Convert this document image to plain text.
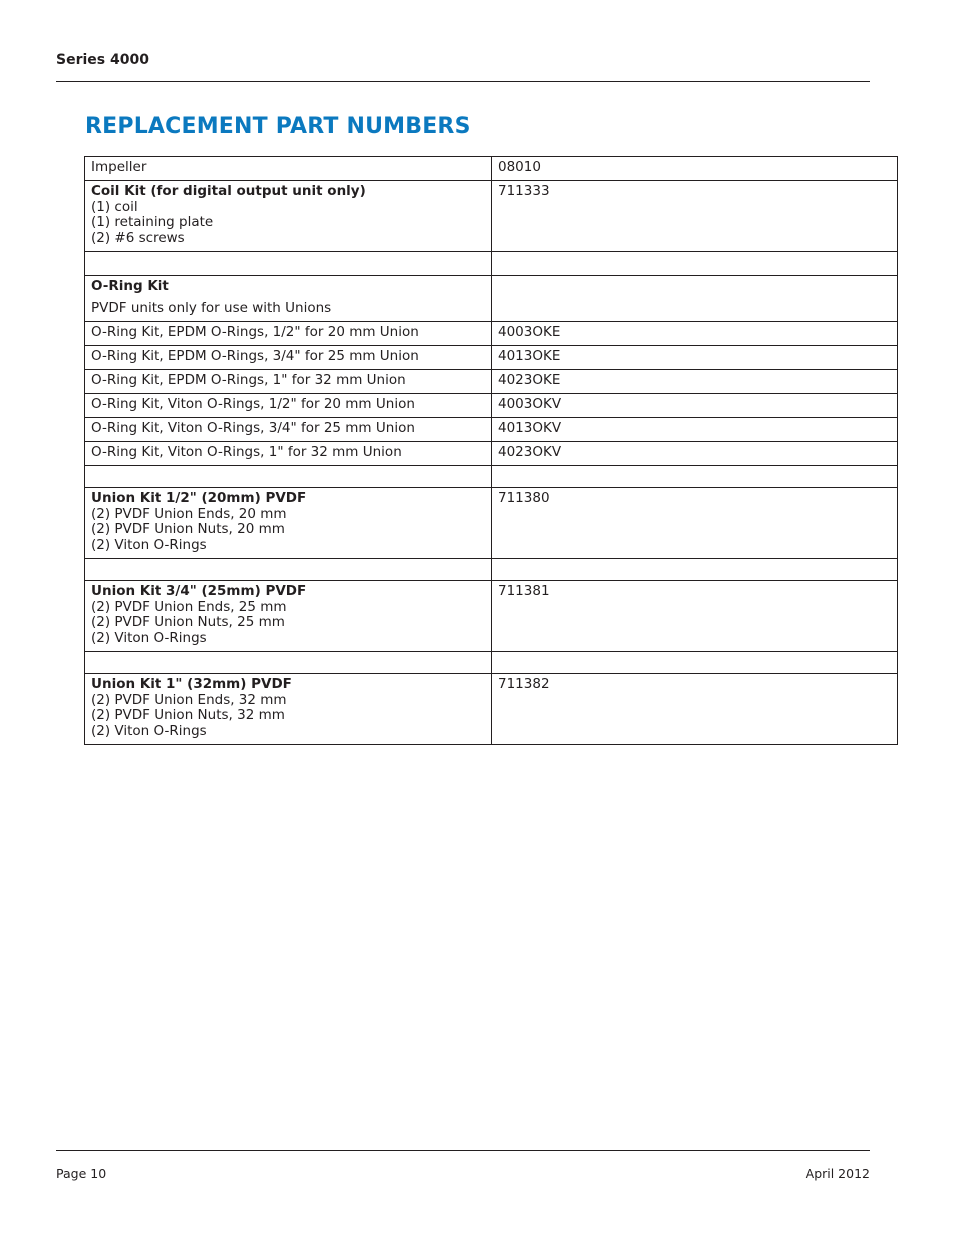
Series 4000
REPLACEMENT PART NUMBERS
Impeller	08010

Coil Kit (for digital output unit only)
(1) coil
(1) retaining plate
(2) #6 screws	711333

O-Ring Kit
PVDF units only for use with Unions	

O-Ring Kit, EPDM O-Rings, 1/2" for 20 mm Union	4003OKE
O-Ring Kit, EPDM O-Rings, 3/4" for 25 mm Union	4013OKE
O-Ring Kit, EPDM O-Rings, 1" for 32 mm Union	4023OKE
O-Ring Kit, Viton O-Rings, 1/2" for 20 mm Union	4003OKV
O-Ring Kit, Viton O-Rings, 3/4" for 25 mm Union	4013OKV
O-Ring Kit, Viton O-Rings, 1" for 32 mm Union	4023OKV

Union Kit 1/2" (20mm) PVDF
(2) PVDF Union Ends, 20 mm
(2) PVDF Union Nuts, 20 mm
(2) Viton O-Rings	711380

Union Kit 3/4" (25mm) PVDF
(2) PVDF Union Ends, 25 mm
(2) PVDF Union Nuts, 25 mm
(2) Viton O-Rings	711381

Union Kit 1" (32mm) PVDF
(2) PVDF Union Ends, 32 mm
(2) PVDF Union Nuts, 32 mm
(2) Viton O-Rings	711382
Page 10	April 2012
